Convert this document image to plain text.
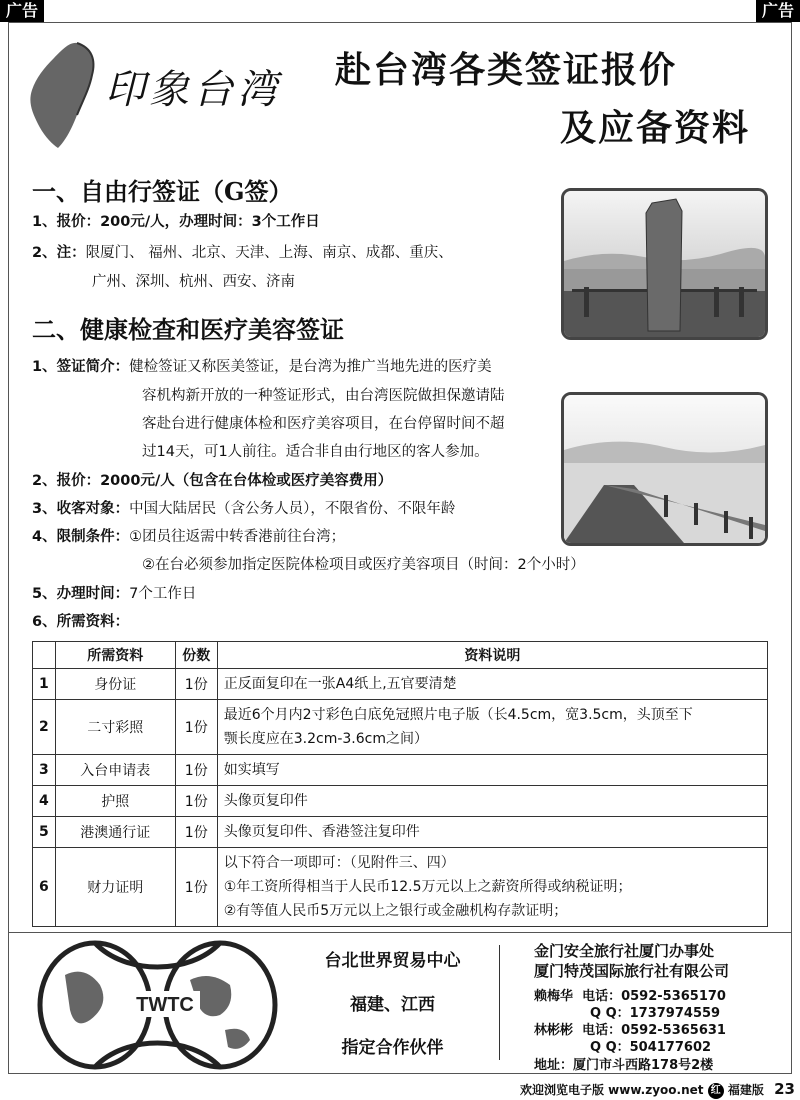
广告	广告
印象台湾 赴台湾各类签证报价
及应备资料
一、自由行签证（G签）
1、报价：200元/人，办理时间：3个工作日
2、注：限厦门、 福州、北京、天津、上海、南京、成都、重庆、
广州、深圳、杭州、西安、济南
二、健康检查和医疗美容签证
1、签证简介：健检签证又称医美签证，是台湾为推广当地先进的医疗美
容机构新开放的一种签证形式，由台湾医院做担保邀请陆
客赴台进行健康体检和医疗美容项目，在台停留时间不超
过14天，可1人前往。适合非自由行地区的客人参加。
2、报价：2000元/人（包含在台体检或医疗美容费用）
3、收客对象：中国大陆居民（含公务人员），不限省份、不限年龄
4、限制条件：①团员往返需中转香港前往台湾；
②在台必须参加指定医院体检项目或医疗美容项目（时间：2个小时）
5、办理时间：7个工作日
6、所需资料：
	所需资料	份数	资料说明
1	身份证	1份	正反面复印在一张A4纸上,五官要清楚

2	二寸彩照	1份	最近6个月内2寸彩色白底免冠照片电子版（长4.5cm，宽3.5cm，头顶至下
颚长度应在3.2cm-3.6cm之间）

3	入台申请表	1份	如实填写

4	护照	1份	头像页复印件

5	港澳通行证	1份	头像页复印件、香港签注复印件

6	财力证明	1份	以下符合一项即可：（见附件三、四）
①年工资所得相当于人民币12.5万元以上之薪资所得或纳税证明；
②有等值人民币5万元以上之银行或金融机构存款证明；
TWTC
台北世界贸易中心
福建、江西
指定合作伙伴
金门安全旅行社厦门办事处
厦门特茂国际旅行社有限公司
赖梅华 电话：0592-5365170
Q Q：1737974559
林彬彬 电话：0592-5365631
Q Q：504177602
地址：厦门市斗西路178号2楼
欢迎浏览电子版 www.zyoo.net 红 福建版 23
